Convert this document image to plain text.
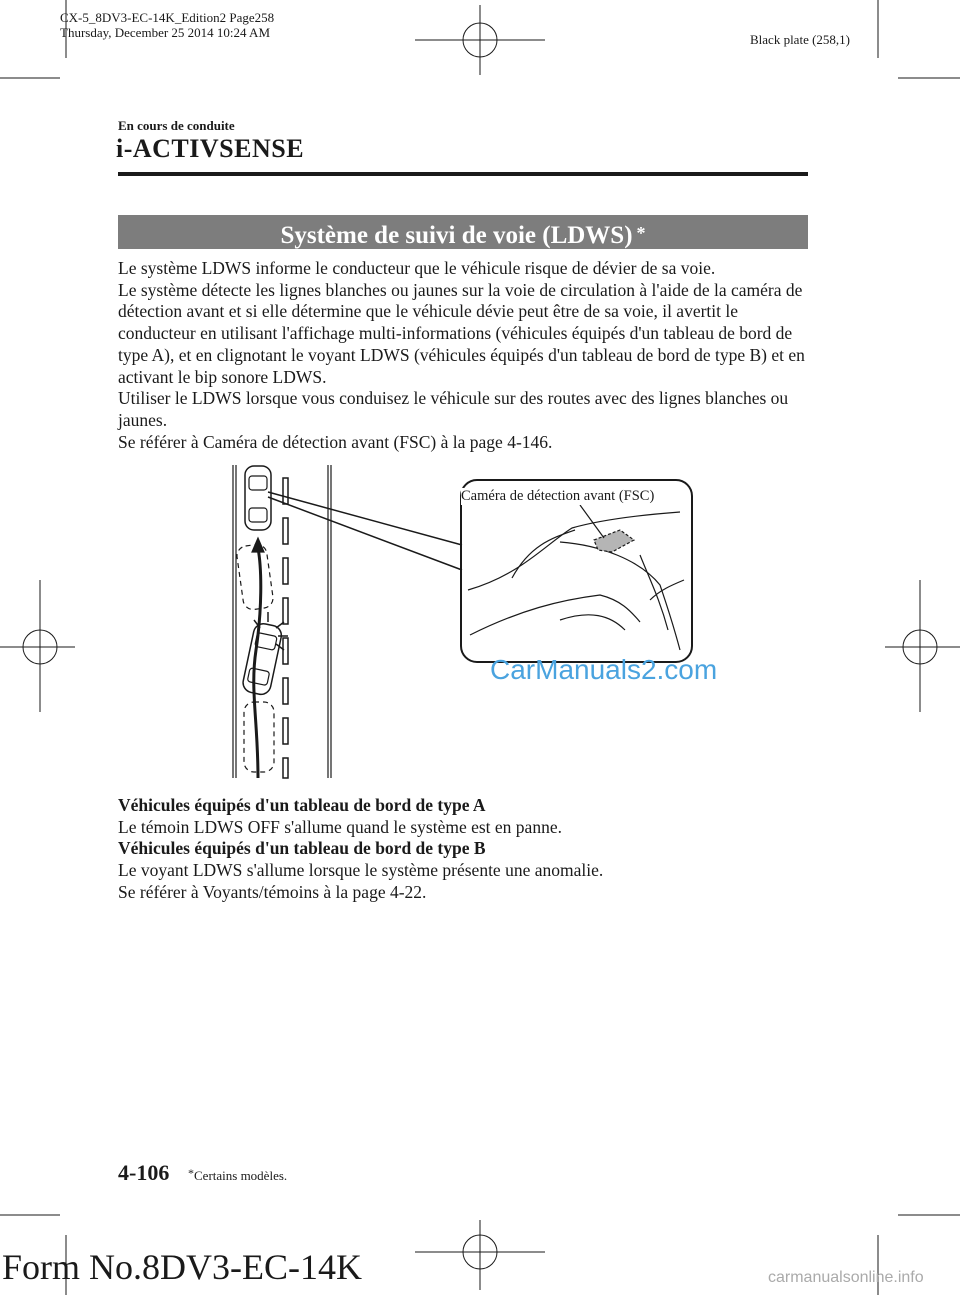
CX-5_8DV3-EC-14K_Edition2 Page258
Thursday, December 25 2014 10:24 AM	Black plate (258,1)
En cours de conduite
i-ACTIVSENSE
Système de suivi de voie (LDWS) *

Le système LDWS informe le conducteur que le véhicule risque de dévier de sa voie.

Le système détecte les lignes blanches ou jaunes sur la voie de circulation à l'aide de la caméra de détection avant et si elle détermine que le véhicule dévie peut être de sa voie, il avertit le conducteur en utilisant l'affichage multi-informations (véhicules équipés d'un tableau de bord de type A), et en clignotant le voyant LDWS (véhicules équipés d'un tableau de bord de type B) et en activant le bip sonore LDWS.

Utiliser le LDWS lorsque vous conduisez le véhicule sur des routes avec des lignes blanches ou jaunes.

Se référer à Caméra de détection avant (FSC) à la page 4-146.

Caméra de détection avant (FSC)
CarManuals2.com

Véhicules équipés d'un tableau de bord de type A

Le témoin LDWS OFF s'allume quand le système est en panne.

Véhicules équipés d'un tableau de bord de type B

Le voyant LDWS s'allume lorsque le système présente une anomalie.

Se référer à Voyants/témoins à la page 4-22.

4-106 *Certains modèles.
Form No.8DV3-EC-14K	carmanualsonline.info
